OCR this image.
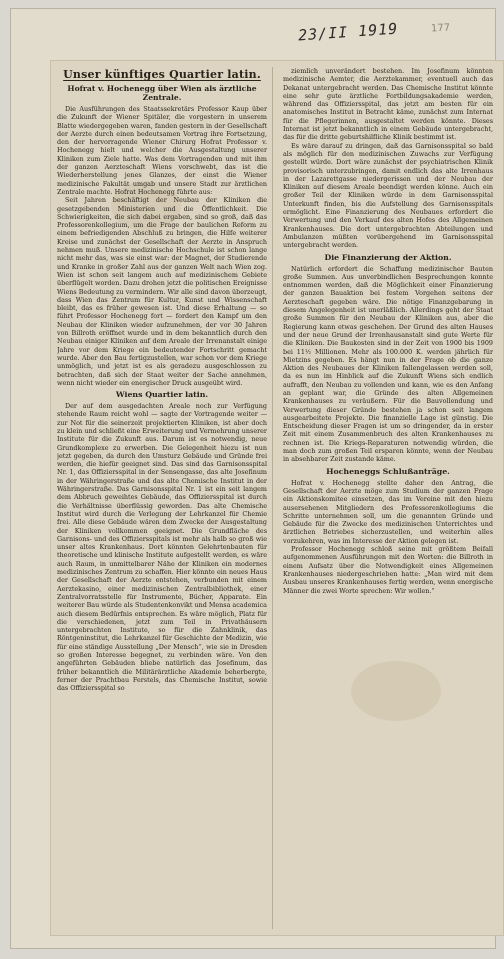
23/II 1919	177
Unser künftiges Quartier latin.
Hofrat v. Hochenegg über Wien als ärztliche Zentrale.

Die Ausführungen des Staatssekretärs Professor Kaup über die Zukunft der Wiener Spitäler, die vorgestern in unserem Blatte wiedergegeben waren, fanden gestern in der Gesellschaft der Aerzte durch einen bedeutsamen Vortrag ihre Fortsetzung, den der hervorragende Wiener Chirurg Hofrat Professor v. Hochenegg hielt und welcher die Ausgestaltung unserer Kliniken zum Ziele hatte. Was dem Vortragenden und mit ihm der ganzen Aerzteschaft Wiens vorschwebt, das ist die Wiederherstellung jenes Glanzes, der einst die Wiener medizinische Fakultät umgab und unsere Stadt zur ärztlichen Zentrale machte. Hofrat Hochenegg führte aus:

Seit Jahren beschäftigt der Neubau der Kliniken die gesetzgebenden Ministerien und die Öffentlichkeit. Die Schwierigkeiten, die sich dabei ergaben, sind so groß, daß das Professorenkollegium, um die Frage der baulichen Reform zu einem befriedigenden Abschluß zu bringen, die Hilfe weiterer Kreise und zunächst der Gesellschaft der Aerzte in Anspruch nehmen muß. Unsere medizinische Hochschule ist schon lange nicht mehr das, was sie einst war: der Magnet, der Studierende und Kranke in großer Zahl aus der ganzen Welt nach Wien zog. Wien ist schon seit langem auch auf medizinischem Gebiete überflügelt worden. Dazu drohen jetzt die politischen Ereignisse Wiens Bedeutung zu vermindern. Wir alle sind davon überzeugt, dass Wien das Zentrum für Kultur, Kunst und Wissenschaft bleibt, das es früher gewesen ist. Und diese Erhaltung — so führt Professor Hochenegg fort — fordert den Kampf um den Neubau der Kliniken wieder aufzunehmen, der vor 30 Jahren von Billroth eröffnet wurde und in dem bekanntlich durch den Neubau einiger Kliniken auf dem Areale der Irrenanstalt einige Jahre vor dem Kriege ein bedeutender Fortschritt gemacht wurde. Aber den Bau fertigzustellen, war schon vor dem Kriege unmöglich, und jetzt ist es als geradezu ausgeschlossen zu betrachten, daß sich der Staat weiter der Sache annehmen, wenn nicht wieder ein energischer Druck ausgeübt wird.

Wiens Quartier latin.

Der auf dem ausgedachten Areale noch zur Verfügung stehende Raum reicht wohl — sagte der Vortragende weiter — zur Not für die seinerzeit projektierten Kliniken, ist aber doch zu klein und schließt eine Erweiterung und Vermehrung unserer Institute für die Zukunft aus. Darum ist es notwendig, neue Grundkomplexe zu erwerben. Die Gelegenheit hiezu ist nun jetzt gegeben, da durch den Umsturz Gebäude und Gründe frei werden, die hiefür geeignet sind. Das sind das Garnisonsspital Nr. 1, das Offiziersspital in der Sensengasse, das alte Josefinum in der Währingerstraße und das alte Chemische Institut in der Währingerstraße. Das Garnisonsspital Nr. 1 ist ein seit langem dem Abbruch geweihtes Gebäude, das Offiziersspital ist durch die Verhältnisse überflüssig geworden. Das alte Chemische Institut wird durch die Verlegung der Lehrkanzel für Chemie frei. Alle diese Gebäude wären dem Zwecke der Ausgestaltung der Kliniken vollkommen geeignet. Die Grundfläche des Garnisons- und des Offiziersspitals ist mehr als halb so groß wie unser altes Krankenhaus. Dort könnten Gelehrtenbauten für theoretische und klinische Institute aufgestellt werden, es wäre auch Raum, in unmittelbarer Nähe der Kliniken ein modernes medizinisches Zentrum zu schaffen. Hier könnte ein neues Haus der Gesellschaft der Aerzte entstehen, verbunden mit einem Aerztekasino, einer medizinischen Zentralbibliothek, einer Zentralvorratsstelle für Instrumente, Bücher, Apparate. Ein weiterer Bau würde als Studentenkonvikt und Mensa academica auch diesem Bedürfnis entsprechen. Es wäre möglich, Platz für die verschiedenen, jetzt zum Teil in Privathäusern untergebrachten Institute, so für die Zahnklinik, das Röntgeninstitut, die Lehrkanzel für Geschichte der Medizin, wie für eine ständige Ausstellung „Der Mensch“, wie sie in Dresden so großen Interesse begegnet, zu verbinden wäre. Von den angeführten Gebäuden bliebe natürlich das Josefinum, das früher bekanntlich die Militärärztliche Akademie beherbergte, ferner der Prachtbau Ferstels, das Chemische Institut, sowie das Offiziersspital so

ziemlich unverändert bestehen. Im Josefinum könnten medizinische Aemter, die Aerztekammer, eventuell auch das Dekanat untergebracht werden. Das Chemische Institut könnte eine sehr gute ärztliche Fortbildungsakademie werden, während das Offiziersspital, das jetzt am besten für ein anatomisches Institut in Betracht käme, zunächst zum Internat für die Pflegerinnen, ausgestaltet werden könnte. Dieses Internat ist jetzt bekanntlich in einem Gebäude untergebracht, das für die dritte geburtshilfliche Klinik bestimmt ist.

Es wäre darauf zu dringen, daß das Garnisonsspital so bald als möglich für den medizinischen Zuwachs zur Verfügung gestellt würde. Dort wäre zunächst der psychiatrischen Klinik provisorisch unterzubringen, damit endlich das alte Irrenhaus in der Lazarettgasse niedergerissen und der Neubau der Kliniken auf diesem Areale beendigt werden könne. Auch ein großer Teil der Kliniken würde in dem Garnisonsspital Unterkunft finden, bis die Aufstellung des Garnisonsspitals ermöglicht. Eine Finanzierung des Neubaues erfordert die Verwertung und den Verkauf des alten Hofes des Allgemeinen Krankenhauses. Die dort untergebrachten Abteilungen und Ambulanzen müßten vorübergehend im Garnisonsspital untergebracht werden.

Die Finanzierung der Aktion.

Natürlich erfordert die Schaffung medizinischer Bauten große Summen. Aus unverbindlichen Besprechungen konnte entnommen werden, daß die Möglichkeit einer Finanzierung der ganzen Bauaktion bei festem Vorgehen seitens der Aerzteschaft gegeben wäre. Die nötige Finanzgebarung in diesem Angelegenheit ist unerläßlich. Allerdings geht der Staat große Summen für den Neubau der Kliniken aus, aber die Regierung kann etwas geschehen. Der Grund des alten Hauses und der neue Grund der Irrenhausanstalt sind gute Werte für die Kliniken. Die Baukosten sind in der Zeit von 1900 bis 1909 bei 11½ Millionen. Mehr als 100.000 K. werden jährlich für Mietzins gegeben. Es hängt nun in der Frage ob die ganze Aktion des Neubaues der Kliniken fallengelassen werden soll, da es nun im Hinblick auf die Zukunft Wiens sich endlich aufrafft, den Neubau zu vollenden und kann, wie es den Anfang an geplant war, die Gründe des alten Allgemeinen Krankenhauses zu veräußern. Für die Bauvollendung und Verwertung dieser Gründe bestehen ja schon seit langem ausgearbeitete Projekte. Die finanzielle Lage ist günstig. Die Entscheidung dieser Fragen ist um so dringender, da in erster Zeit mit einem Zusammenbruch des alten Krankenhauses zu rechnen ist. Die Kriegs-Reparaturen notwendig würden, die man doch zum großen Teil ersparen könnte, wenn der Neubau in absehbarer Zeit zustande käme.

Hocheneggs Schlußanträge.

Hofrat v. Hochenegg stellte daher den Antrag, die Gesellschaft der Aerzte möge zum Studium der ganzen Frage ein Aktionskomitee einsetzen, das im Vereine mit den hiezu ausersehenen Mitgliedern des Professorenkollegiums die Schritte unternehmen soll, um die genannten Gründe und Gebäude für die Zwecke des medizinischen Unterrichtes und ärztlichen Betriebes sicherzustellen, und weiterhin alles vorzukehren, was im Interesse der Aktion gelegen ist.

Professor Hochenegg schloß seine mit größtem Beifall aufgenommenen Ausführungen mit den Worten: die Billroth in einem Aufsatz über die Notwendigkeit eines Allgemeinen Krankenhauses niedergeschrieben hatte: „Man wird mit dem Ausbau unseres Krankenhauses fertig werden, wenn energische Männer die zwei Worte sprechen: Wir wollen.“
